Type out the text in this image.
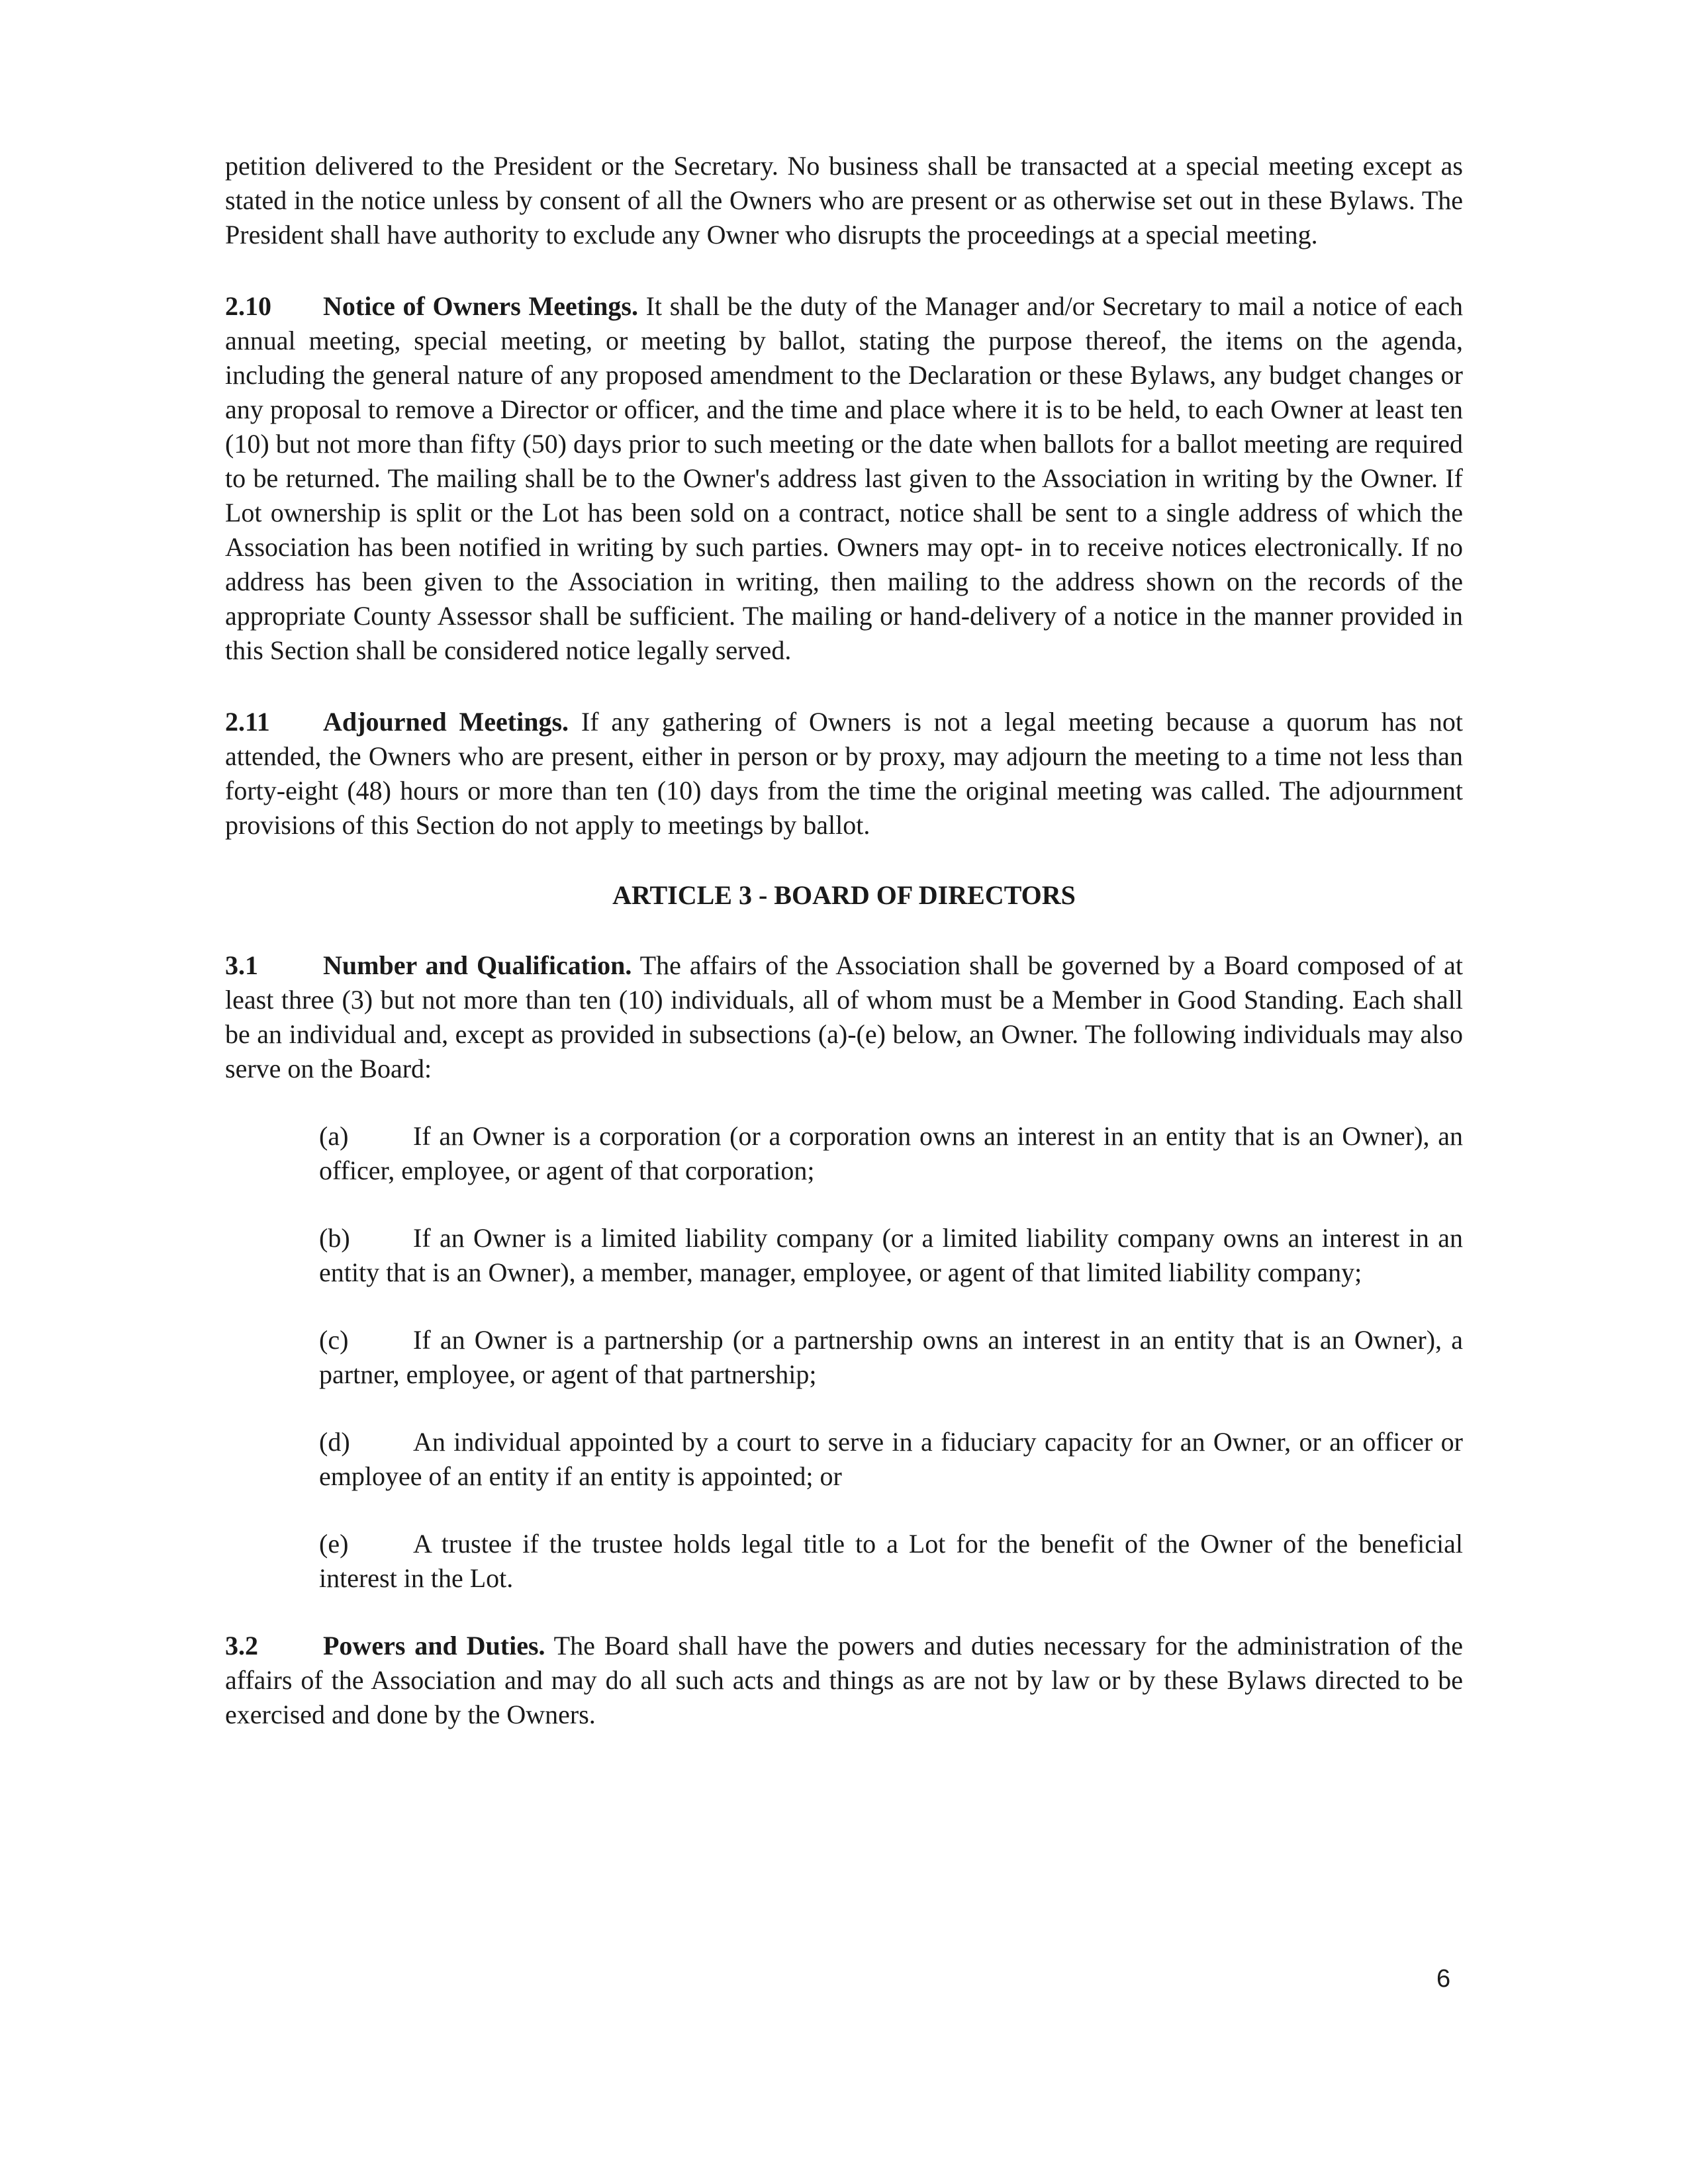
petition delivered to the President or the Secretary. No business shall be transacted at a special meeting except as stated in the notice unless by consent of all the Owners who are present or as otherwise set out in these Bylaws. The President shall have authority to exclude any Owner who disrupts the proceedings at a special meeting.

2.10 Notice of Owners Meetings. It shall be the duty of the Manager and/or Secretary to mail a notice of each annual meeting, special meeting, or meeting by ballot, stating the purpose thereof, the items on the agenda, including the general nature of any proposed amendment to the Declaration or these Bylaws, any budget changes or any proposal to remove a Director or officer, and the time and place where it is to be held, to each Owner at least ten (10) but not more than fifty (50) days prior to such meeting or the date when ballots for a ballot meeting are required to be returned. The mailing shall be to the Owner's address last given to the Association in writing by the Owner. If Lot ownership is split or the Lot has been sold on a contract, notice shall be sent to a single address of which the Association has been notified in writing by such parties. Owners may opt- in to receive notices electronically. If no address has been given to the Association in writing, then mailing to the address shown on the records of the appropriate County Assessor shall be sufficient. The mailing or hand-delivery of a notice in the manner provided in this Section shall be considered notice legally served.

2.11 Adjourned Meetings. If any gathering of Owners is not a legal meeting because a quorum has not attended, the Owners who are present, either in person or by proxy, may adjourn the meeting to a time not less than forty-eight (48) hours or more than ten (10) days from the time the original meeting was called. The adjournment provisions of this Section do not apply to meetings by ballot.

ARTICLE 3 - BOARD OF DIRECTORS

3.1 Number and Qualification. The affairs of the Association shall be governed by a Board composed of at least three (3) but not more than ten (10) individuals, all of whom must be a Member in Good Standing. Each shall be an individual and, except as provided in subsections (a)-(e) below, an Owner. The following individuals may also serve on the Board:

(a) If an Owner is a corporation (or a corporation owns an interest in an entity that is an Owner), an officer, employee, or agent of that corporation;

(b) If an Owner is a limited liability company (or a limited liability company owns an interest in an entity that is an Owner), a member, manager, employee, or agent of that limited liability company;

(c) If an Owner is a partnership (or a partnership owns an interest in an entity that is an Owner), a partner, employee, or agent of that partnership;

(d) An individual appointed by a court to serve in a fiduciary capacity for an Owner, or an officer or employee of an entity if an entity is appointed; or

(e) A trustee if the trustee holds legal title to a Lot for the benefit of the Owner of the beneficial interest in the Lot.

3.2 Powers and Duties. The Board shall have the powers and duties necessary for the administration of the affairs of the Association and may do all such acts and things as are not by law or by these Bylaws directed to be exercised and done by the Owners.

6
